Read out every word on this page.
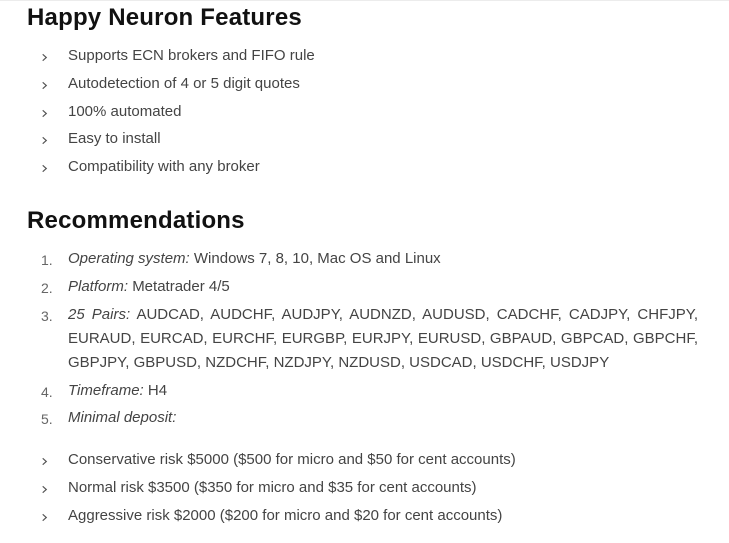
Happy Neuron Features
Supports ECN brokers and FIFO rule
Autodetection of 4 or 5 digit quotes
100% automated
Easy to install
Compatibility with any broker
Recommendations
1.	Operating system: Windows 7, 8, 10, Mac OS and Linux
2.	Platform: Metatrader 4/5
3.	25 Pairs: AUDCAD, AUDCHF, AUDJPY, AUDNZD, AUDUSD, CADCHF, CADJPY, CHFJPY, EURAUD, EURCAD, EURCHF, EURGBP, EURJPY, EURUSD, GBPAUD, GBPCAD, GBPCHF, GBPJPY, GBPUSD, NZDCHF, NZDJPY, NZDUSD, USDCAD, USDCHF, USDJPY
4.	Timeframe: H4
5.	Minimal deposit:
Conservative risk $5000 ($500 for micro and $50 for cent accounts)
Normal risk $3500 ($350 for micro and $35 for cent accounts)
Aggressive risk $2000 ($200 for micro and $20 for cent accounts)
